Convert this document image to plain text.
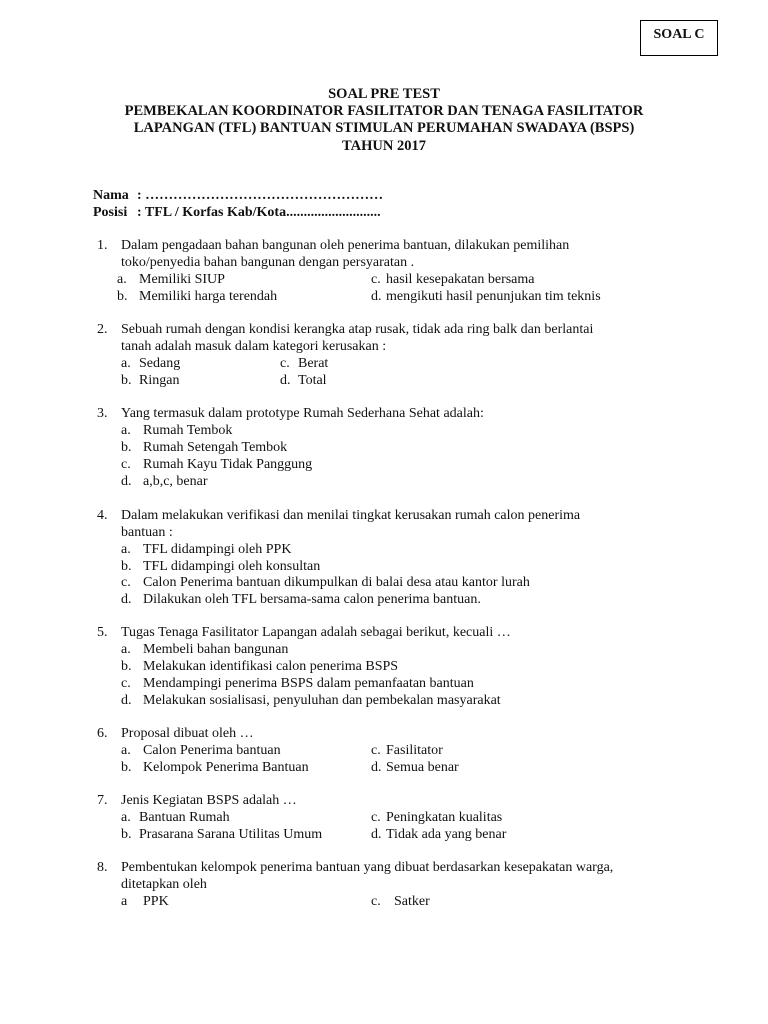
SOAL C
SOAL PRE TEST
PEMBEKALAN KOORDINATOR FASILITATOR DAN TENAGA FASILITATOR
LAPANGAN (TFL) BANTUAN STIMULAN PERUMAHAN SWADAYA (BSPS)
TAHUN 2017
Nama : ……………………………………………
Posisi : TFL / Korfas Kab/Kota...........................
1. Dalam pengadaan bahan bangunan oleh penerima bantuan, dilakukan pemilihan
toko/penyedia bahan bangunan dengan persyaratan .
a. Memiliki SIUP	c. hasil kesepakatan bersama
b. Memiliki harga terendah	d. mengikuti hasil penunjukan tim teknis
2. Sebuah rumah dengan kondisi kerangka atap rusak, tidak ada ring balk dan berlantai
tanah adalah masuk dalam kategori kerusakan :
a. Sedang	c. Berat
b. Ringan	d. Total
3. Yang termasuk dalam prototype Rumah Sederhana Sehat adalah:
a. Rumah Tembok
b. Rumah Setengah Tembok
c. Rumah Kayu Tidak Panggung
d. a,b,c, benar
4. Dalam melakukan verifikasi dan menilai tingkat kerusakan rumah calon penerima
bantuan :
a. TFL didampingi oleh PPK
b. TFL didampingi oleh konsultan
c. Calon Penerima bantuan dikumpulkan di balai desa atau kantor lurah
d. Dilakukan oleh TFL bersama-sama calon penerima bantuan.
5. Tugas Tenaga Fasilitator Lapangan adalah sebagai berikut, kecuali …
a. Membeli bahan bangunan
b. Melakukan identifikasi calon penerima BSPS
c. Mendampingi penerima BSPS dalam pemanfaatan bantuan
d. Melakukan sosialisasi, penyuluhan dan pembekalan masyarakat
6. Proposal dibuat oleh …
a. Calon Penerima bantuan	c. Fasilitator
b. Kelompok Penerima Bantuan	d. Semua benar
7. Jenis Kegiatan BSPS adalah …
a. Bantuan Rumah	c. Peningkatan kualitas
b. Prasarana Sarana Utilitas Umum	d. Tidak ada yang benar
8. Pembentukan kelompok penerima bantuan yang dibuat berdasarkan kesepakatan warga,
ditetapkan oleh
a PPK	c. Satker
